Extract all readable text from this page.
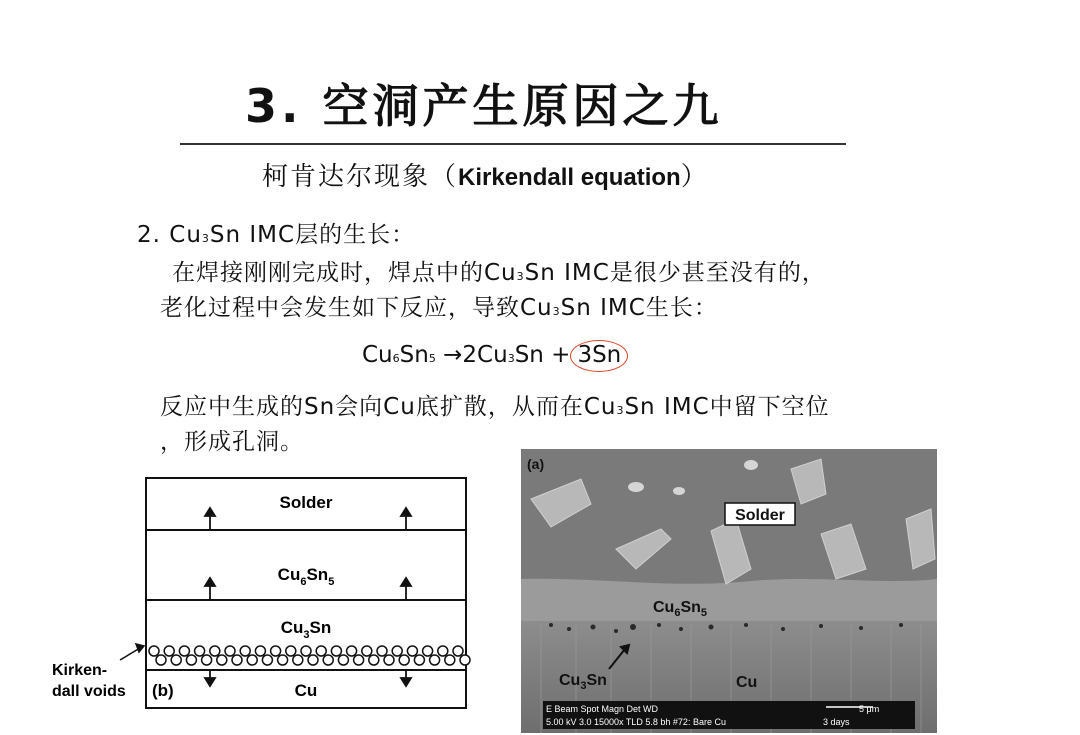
3. 空洞产生原因之九
柯肯达尔现象（Kirkendall equation）
2. Cu3Sn IMC层的生长：
在焊接刚刚完成时，焊点中的Cu3Sn IMC是很少甚至没有的，
老化过程中会发生如下反应，导致Cu3Sn IMC生长：
Cu6Sn5 →2Cu3Sn + 3Sn
反应中生成的Sn会向Cu底扩散，从而在Cu3Sn IMC中留下空位
，形成孔洞。
Solder
$Cu_6Sn_5$
$Cu_3Sn$
Cu
(b)
Kirken-
dall voids
(a)
Solder
$Cu_6Sn_5$
$Cu_3Sn$	Cu
E Beam Spot Magn Det WD
5.00 kV 3.0 15000x TLD 5.8 bh #72: Bare Cu
5 μm
3 days
